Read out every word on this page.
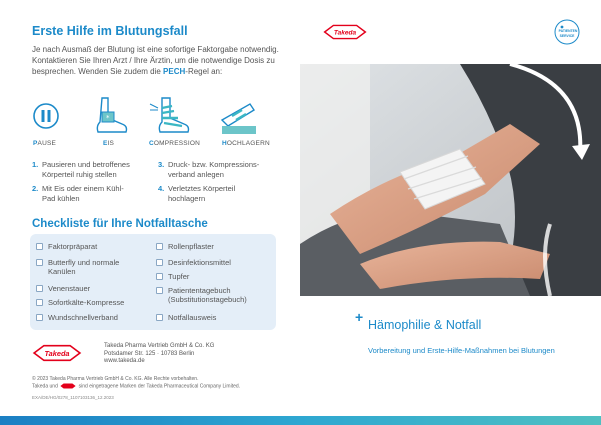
Erste Hilfe im Blutungsfall
Je nach Ausmaß der Blutung ist eine sofortige Faktorgabe notwendig. Kontaktieren Sie Ihren Arzt / Ihre Ärztin, um die notwendige Dosis zu besprechen. Wenden Sie zudem die PECH-Regel an:
*
PAUSE	EIS	COMPRESSION	HOCHLAGERN
1. Pausieren und betroffenes Körperteil ruhig stellen
2. Mit Eis oder einem Kühl-Pad kühlen
3. Druck- bzw. Kompressions-verband anlegen
4. Verletztes Körperteil hochlagern
Checkliste für Ihre Notfalltasche
Faktorpräparat
Butterfly und normale Kanülen
Venenstauer
Sofortkälte-Kompresse
Wundschnellverband
Rollenpflaster
Desinfektionsmittel
Tupfer
Patiententagebuch (Substitutionstagebuch)
Notfallausweis
Takeda
Takeda Pharma Vertrieb GmbH & Co. KG
Potsdamer Str. 125 · 10783 Berlin
www.takeda.de
© 2023 Takeda Pharma Vertrieb GmbH & Co. KG. Alle Rechte vorbehalten.
Takeda und	sind eingetragene Marken der Takeda Pharmaceutical Company Limited.
EXA/DE/HG/0278_1107103136_12.2023
Takeda	PATIENTEN
SERVICE
+ Hämophilie & Notfall
Vorbereitung und Erste-Hilfe-Maßnahmen bei Blutungen
